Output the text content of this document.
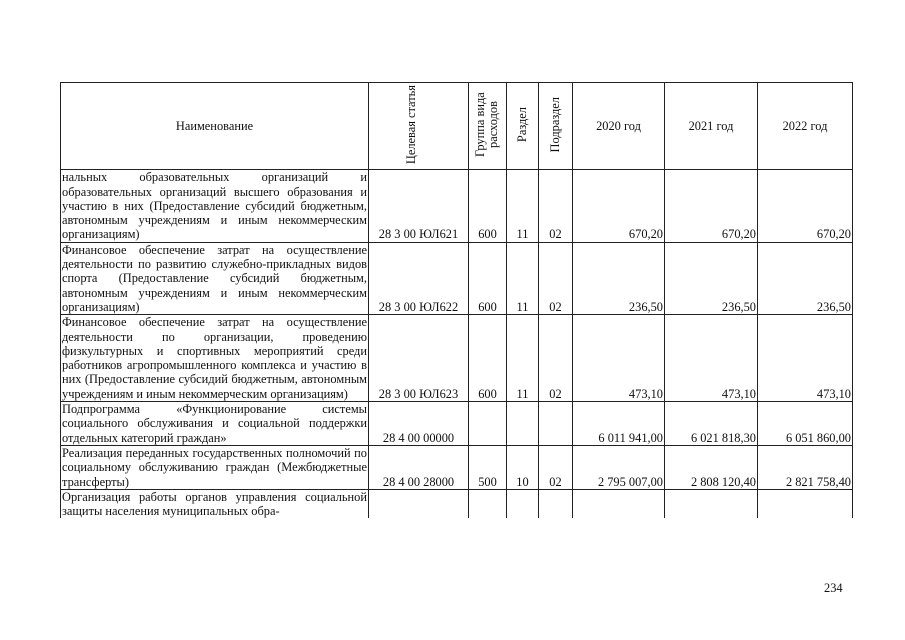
Наименование	Целевая статья	Группа вида расходов	Раздел	Подраздел	2020 год	2021 год	2022 год
нальных образовательных организаций и образовательных организаций высшего образования и участию в них (Предоставление субсидий бюджетным, автономным учреждениям и иным некоммерческим организациям)	28 3 00 ЮЛ621	600	11	02	670,20	670,20	670,20
Финансовое обеспечение затрат на осуществление деятельности по развитию служебно-прикладных видов спорта (Предоставление субсидий бюджетным, автономным учреждениям и иным некоммерческим организациям)	28 3 00 ЮЛ622	600	11	02	236,50	236,50	236,50
Финансовое обеспечение затрат на осуществление деятельности по организации, проведению физкультурных и спортивных мероприятий среди работников агропромышленного комплекса и участию в них (Предоставление субсидий бюджетным, автономным учреждениям и иным некоммерческим организациям)	28 3 00 ЮЛ623	600	11	02	473,10	473,10	473,10
Подпрограмма «Функционирование системы социального обслуживания и социальной поддержки отдельных категорий граждан»	28 4 00 00000				6 011 941,00	6 021 818,30	6 051 860,00
Реализация переданных государственных полномочий по социальному обслуживанию граждан (Межбюджетные трансферты)	28 4 00 28000	500	10	02	2 795 007,00	2 808 120,40	2 821 758,40
Организация работы органов управления социальной защиты населения муниципальных обра-							
234
